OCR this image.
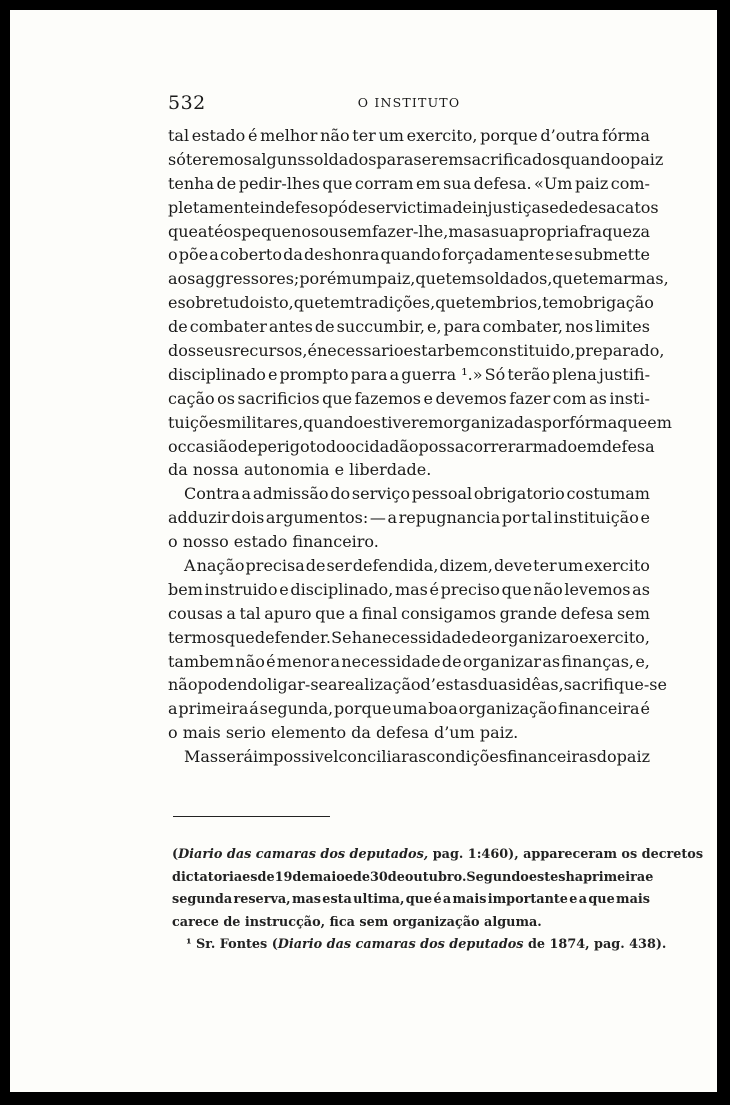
532	O INSTITUTO
tal estado é melhor não ter um exercito, porque d’outra fórma
só teremos alguns soldados para serem sacrificados quando o paiz
tenha de pedir-lhes que corram em sua defesa. «Um paiz com-
pletamente indefeso póde ser victima de injustiças e de desacatos
que até os pequenos ousem fazer-lhe, mas a sua propria fraqueza
o põe a coberto da deshonra quando forçadamente se submette
aos aggressores; porém um paiz, que tem soldados, que tem armas,
e sobre tudo isto, que tem tradições, que tem brios, tem obrigação
de combater antes de succumbir, e, para combater, nos limites
dos seus recursos, é necessario estar bem constituido, preparado,
disciplinado e prompto para a guerra ¹.» Só terão plena justifi-
cação os sacrificios que fazemos e devemos fazer com as insti-
tuições militares, quando estiverem organizadas por fórma que em
occasião de perigo todo o cidadão possa correr armado em defesa
da nossa autonomia e liberdade.
Contra a admissão do serviço pessoal obrigatorio costumam
adduzir dois argumentos: — a repugnancia por tal instituição e
o nosso estado financeiro.
A nação precisa de ser defendida, dizem, deve ter um exercito
bem instruido e disciplinado, mas é preciso que não levemos as
cousas a tal apuro que a final consigamos grande defesa sem
termos que defender. Se ha necessidade de organizar o exercito,
tambem não é menor a necessidade de organizar as finanças, e,
não podendo ligar-se a realização d’estas duas idêas, sacrifique-se
a primeira á segunda, porque uma boa organização financeira é
o mais serio elemento da defesa d’um paiz.
Mas será impossivel conciliar as condições financeiras do paiz
(Diario das camaras dos deputados, pag. 1:460), appareceram os decretos
dictatoriaes de 19 de maio e de 30 de outubro. Segundo estes ha primeira e
segunda reserva, mas esta ultima, que é a mais importante e a que mais
carece de instrucção, fica sem organização alguma.
¹ Sr. Fontes (Diario das camaras dos deputados de 1874, pag. 438).
